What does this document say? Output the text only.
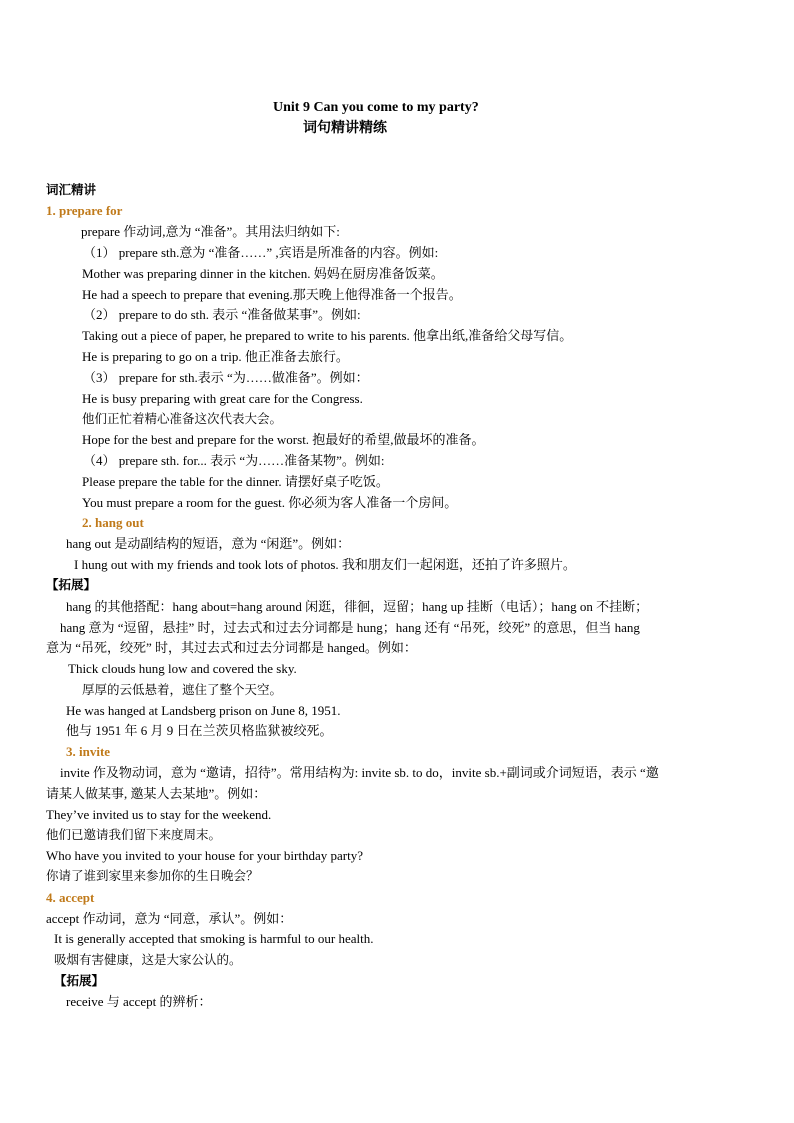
Unit 9 Can you come to my party?
词句精讲精练
词汇精讲
1. prepare for
prepare 作动词,意为 “准备”。其用法归纳如下:
（1） prepare sth.意为 “准备……” ,宾语是所准备的内容。例如:
Mother was preparing dinner in the kitchen. 妈妈在厨房准备饭菜。
He had a speech to prepare that evening.那天晚上他得准备一个报告。
（2） prepare to do sth. 表示 “准备做某事”。例如:
Taking out a piece of paper, he prepared to write to his parents. 他拿出纸,准备给父母写信。
He is preparing to go on a trip. 他正准备去旅行。
（3） prepare for sth.表示 “为……做准备”。例如：
He is busy preparing with great care for the Congress.
他们正忙着精心准备这次代表大会。
Hope for the best and prepare for the worst. 抱最好的希望,做最坏的准备。
（4） prepare sth. for... 表示 “为……准备某物”。例如:
Please prepare the table for the dinner. 请摆好桌子吃饭。
You must prepare a room for the guest. 你必须为客人准备一个房间。
2. hang out
hang out 是动副结构的短语，意为 “闲逛”。例如：
I hung out with my friends and took lots of photos. 我和朋友们一起闲逛，还拍了许多照片。
【拓展】
hang 的其他搭配：hang about=hang around 闲逛，徘徊，逗留；hang up 挂断（电话）；hang on 不挂断；
hang 意为 “逗留，悬挂” 时，过去式和过去分词都是 hung；hang 还有 “吊死，绞死” 的意思，但当 hang
意为 “吊死，绞死” 时，其过去式和过去分词都是 hanged。例如：
Thick clouds hung low and covered the sky.
厚厚的云低悬着，遮住了整个天空。
He was hanged at Landsberg prison on June 8, 1951.
他与 1951 年 6 月 9 日在兰茨贝格监狱被绞死。
3. invite
invite 作及物动词，意为 “邀请，招待”。常用结构为: invite sb. to do，invite sb.+副词或介词短语，表示 “邀
请某人做某事, 邀某人去某地”。例如：
They’ve invited us to stay for the weekend.
他们已邀请我们留下来度周末。
Who have you invited to your house for your birthday party?
你请了谁到家里来参加你的生日晚会？
4. accept
accept 作动词，意为 “同意，承认”。例如：
It is generally accepted that smoking is harmful to our health.
吸烟有害健康，这是大家公认的。
【拓展】
receive 与 accept 的辨析：
